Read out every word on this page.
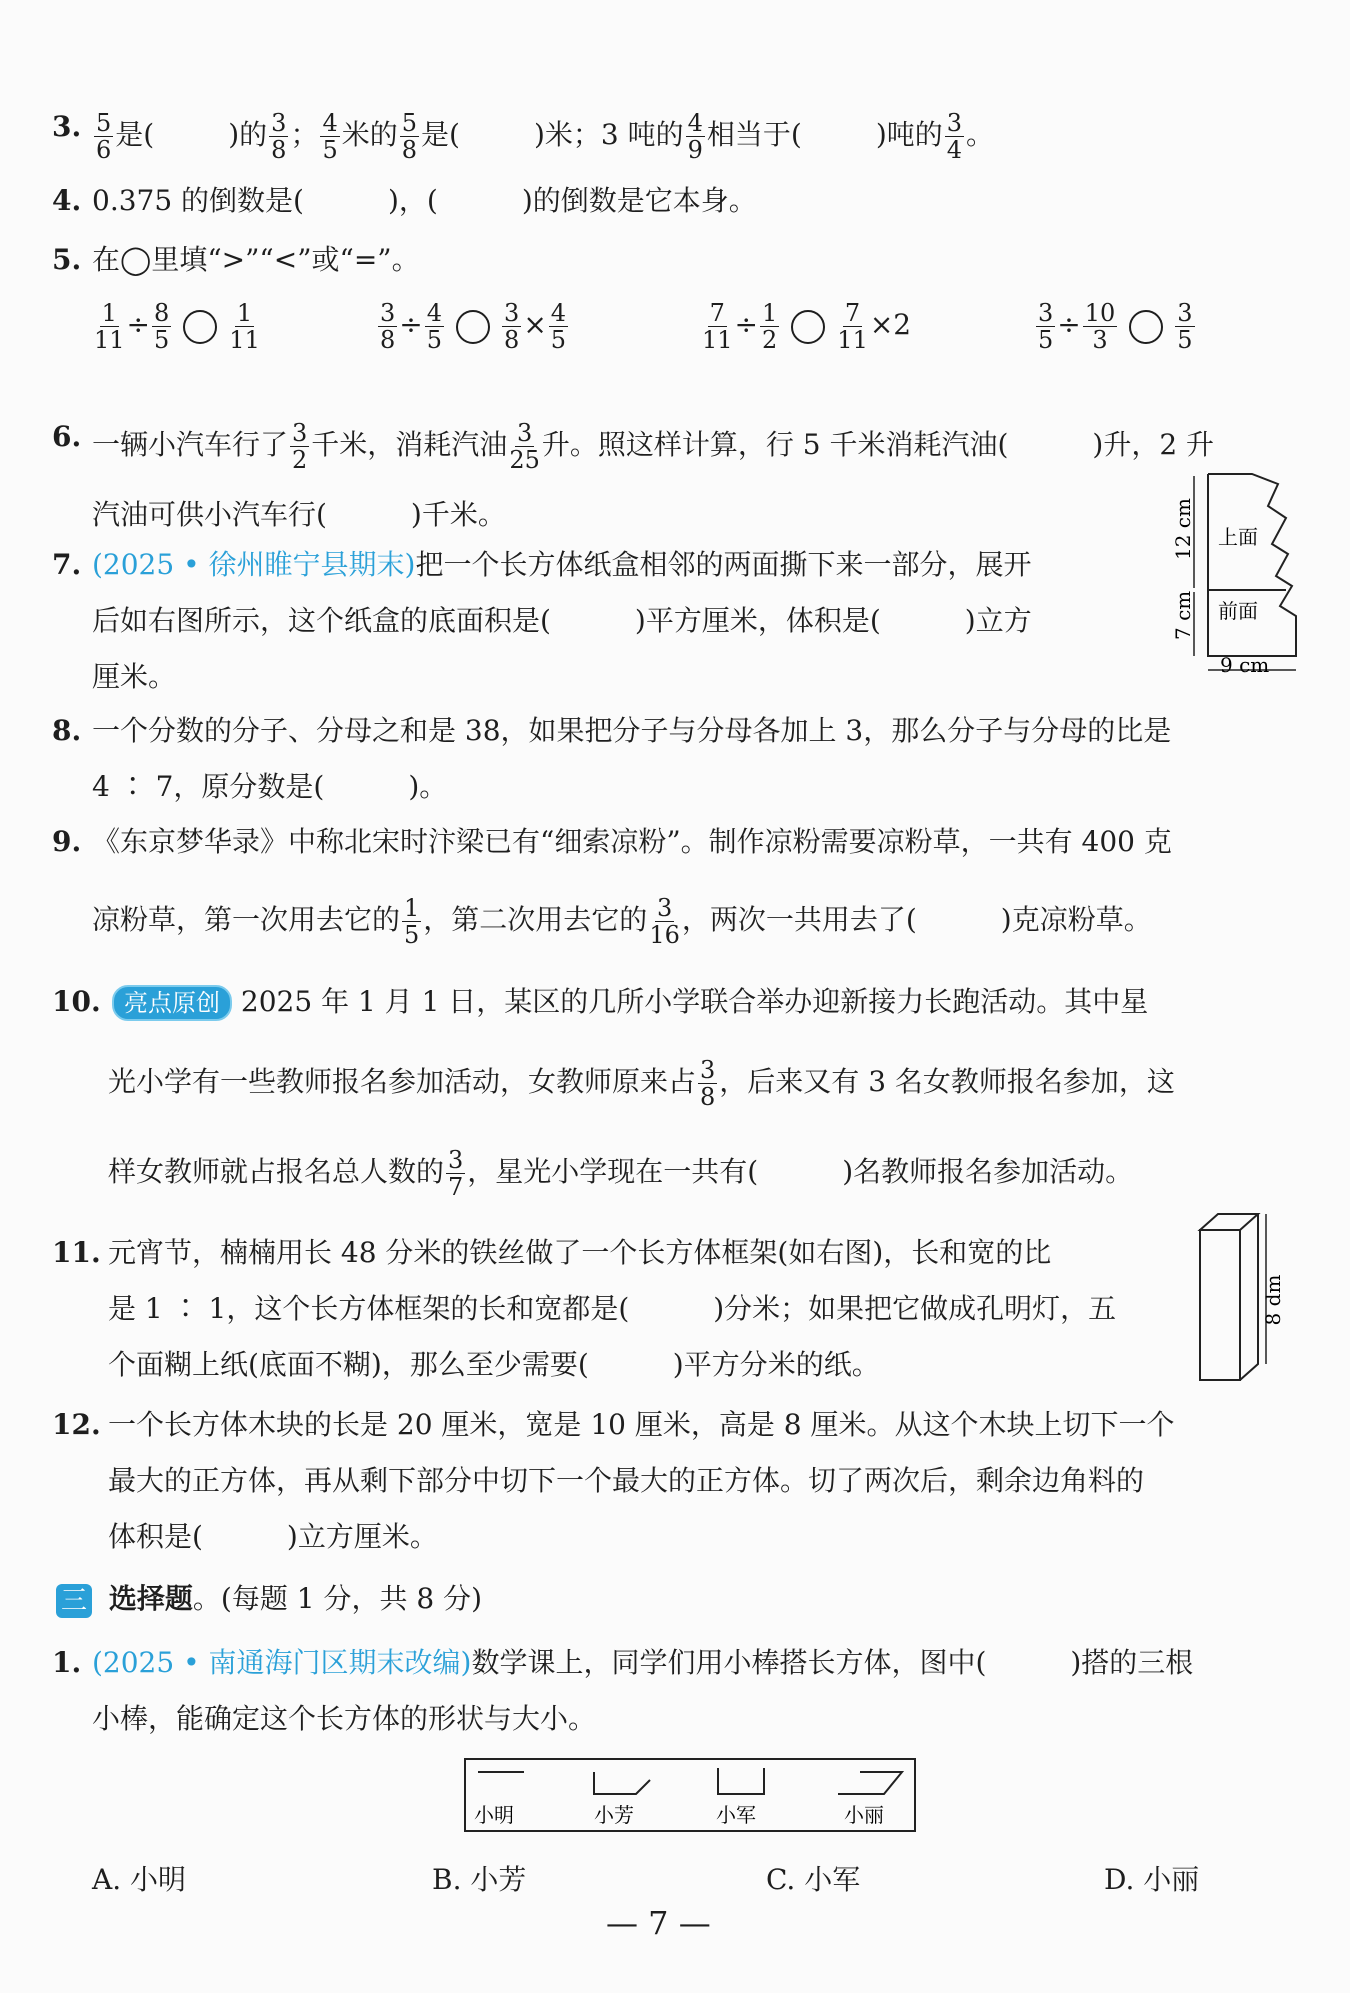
3. $\frac{5}{6}$ 是(	)的 $\frac{3}{8}$ ； $\frac{4}{5}$ 米的 $\frac{5}{8}$ 是(	)米；3 吨的 $\frac{4}{9}$ 相当于(	)吨的 $\frac{3}{4}$ 。
4. 0.375 的倒数是(　　　)，(　　　)的倒数是它本身。
5. 在◯里填“>”“<”或“=”。
$\frac{1}{11} \div \frac{8}{5} \frac{1}{11}$	$\frac{3}{8} \div \frac{4}{5} \frac{3}{8} \times \frac{4}{5}$	$\frac{7}{11} \div \frac{1}{2} \frac{7}{11} \times 2$	$\frac{3}{5} \div \frac{10}{3} \frac{3}{5}$
6. 一辆小汽车行了 $\frac{3}{2}$ 千米，消耗汽油 $\frac{3}{25}$ 升。照这样计算，行 5 千米消耗汽油(　　　)升，2 升
汽油可供小汽车行(　　　)千米。
7. (2025 • 徐州睢宁县期末)把一个长方体纸盒相邻的两面撕下来一部分，展开
后如右图所示，这个纸盒的底面积是(　　　)平方厘米，体积是(　　　)立方
厘米。
上面
前面
12 cm
7 cm
9 cm
8. 一个分数的分子、分母之和是 38，如果把分子与分母各加上 3，那么分子与分母的比是
4 ∶ 7，原分数是(　　　)。
9. 《东京梦华录》中称北宋时汴梁已有“细索凉粉”。制作凉粉需要凉粉草，一共有 400 克
凉粉草，第一次用去它的 $\frac{1}{5}$ ，第二次用去它的 $\frac{3}{16}$ ，两次一共用去了(　　　)克凉粉草。
10. 亮点原创 2025 年 1 月 1 日，某区的几所小学联合举办迎新接力长跑活动。其中星
光小学有一些教师报名参加活动，女教师原来占 $\frac{3}{8}$ ，后来又有 3 名女教师报名参加，这
样女教师就占报名总人数的 $\frac{3}{7}$ ，星光小学现在一共有(　　　)名教师报名参加活动。
11. 元宵节，楠楠用长 48 分米的铁丝做了一个长方体框架(如右图)，长和宽的比
是 1 ∶ 1，这个长方体框架的长和宽都是(　　　)分米；如果把它做成孔明灯，五
个面糊上纸(底面不糊)，那么至少需要(　　　)平方分米的纸。
8 dm
12. 一个长方体木块的长是 20 厘米，宽是 10 厘米，高是 8 厘米。从这个木块上切下一个
最大的正方体，再从剩下部分中切下一个最大的正方体。切了两次后，剩余边角料的
体积是(　　　)立方厘米。
三 选择题。(每题 1 分，共 8 分)
1. (2025 • 南通海门区期末改编)数学课上，同学们用小棒搭长方体，图中(　　　)搭的三根
小棒，能确定这个长方体的形状与大小。
小明	小芳	小军	小丽
A. 小明	B. 小芳	C. 小军	D. 小丽
— 7 —
